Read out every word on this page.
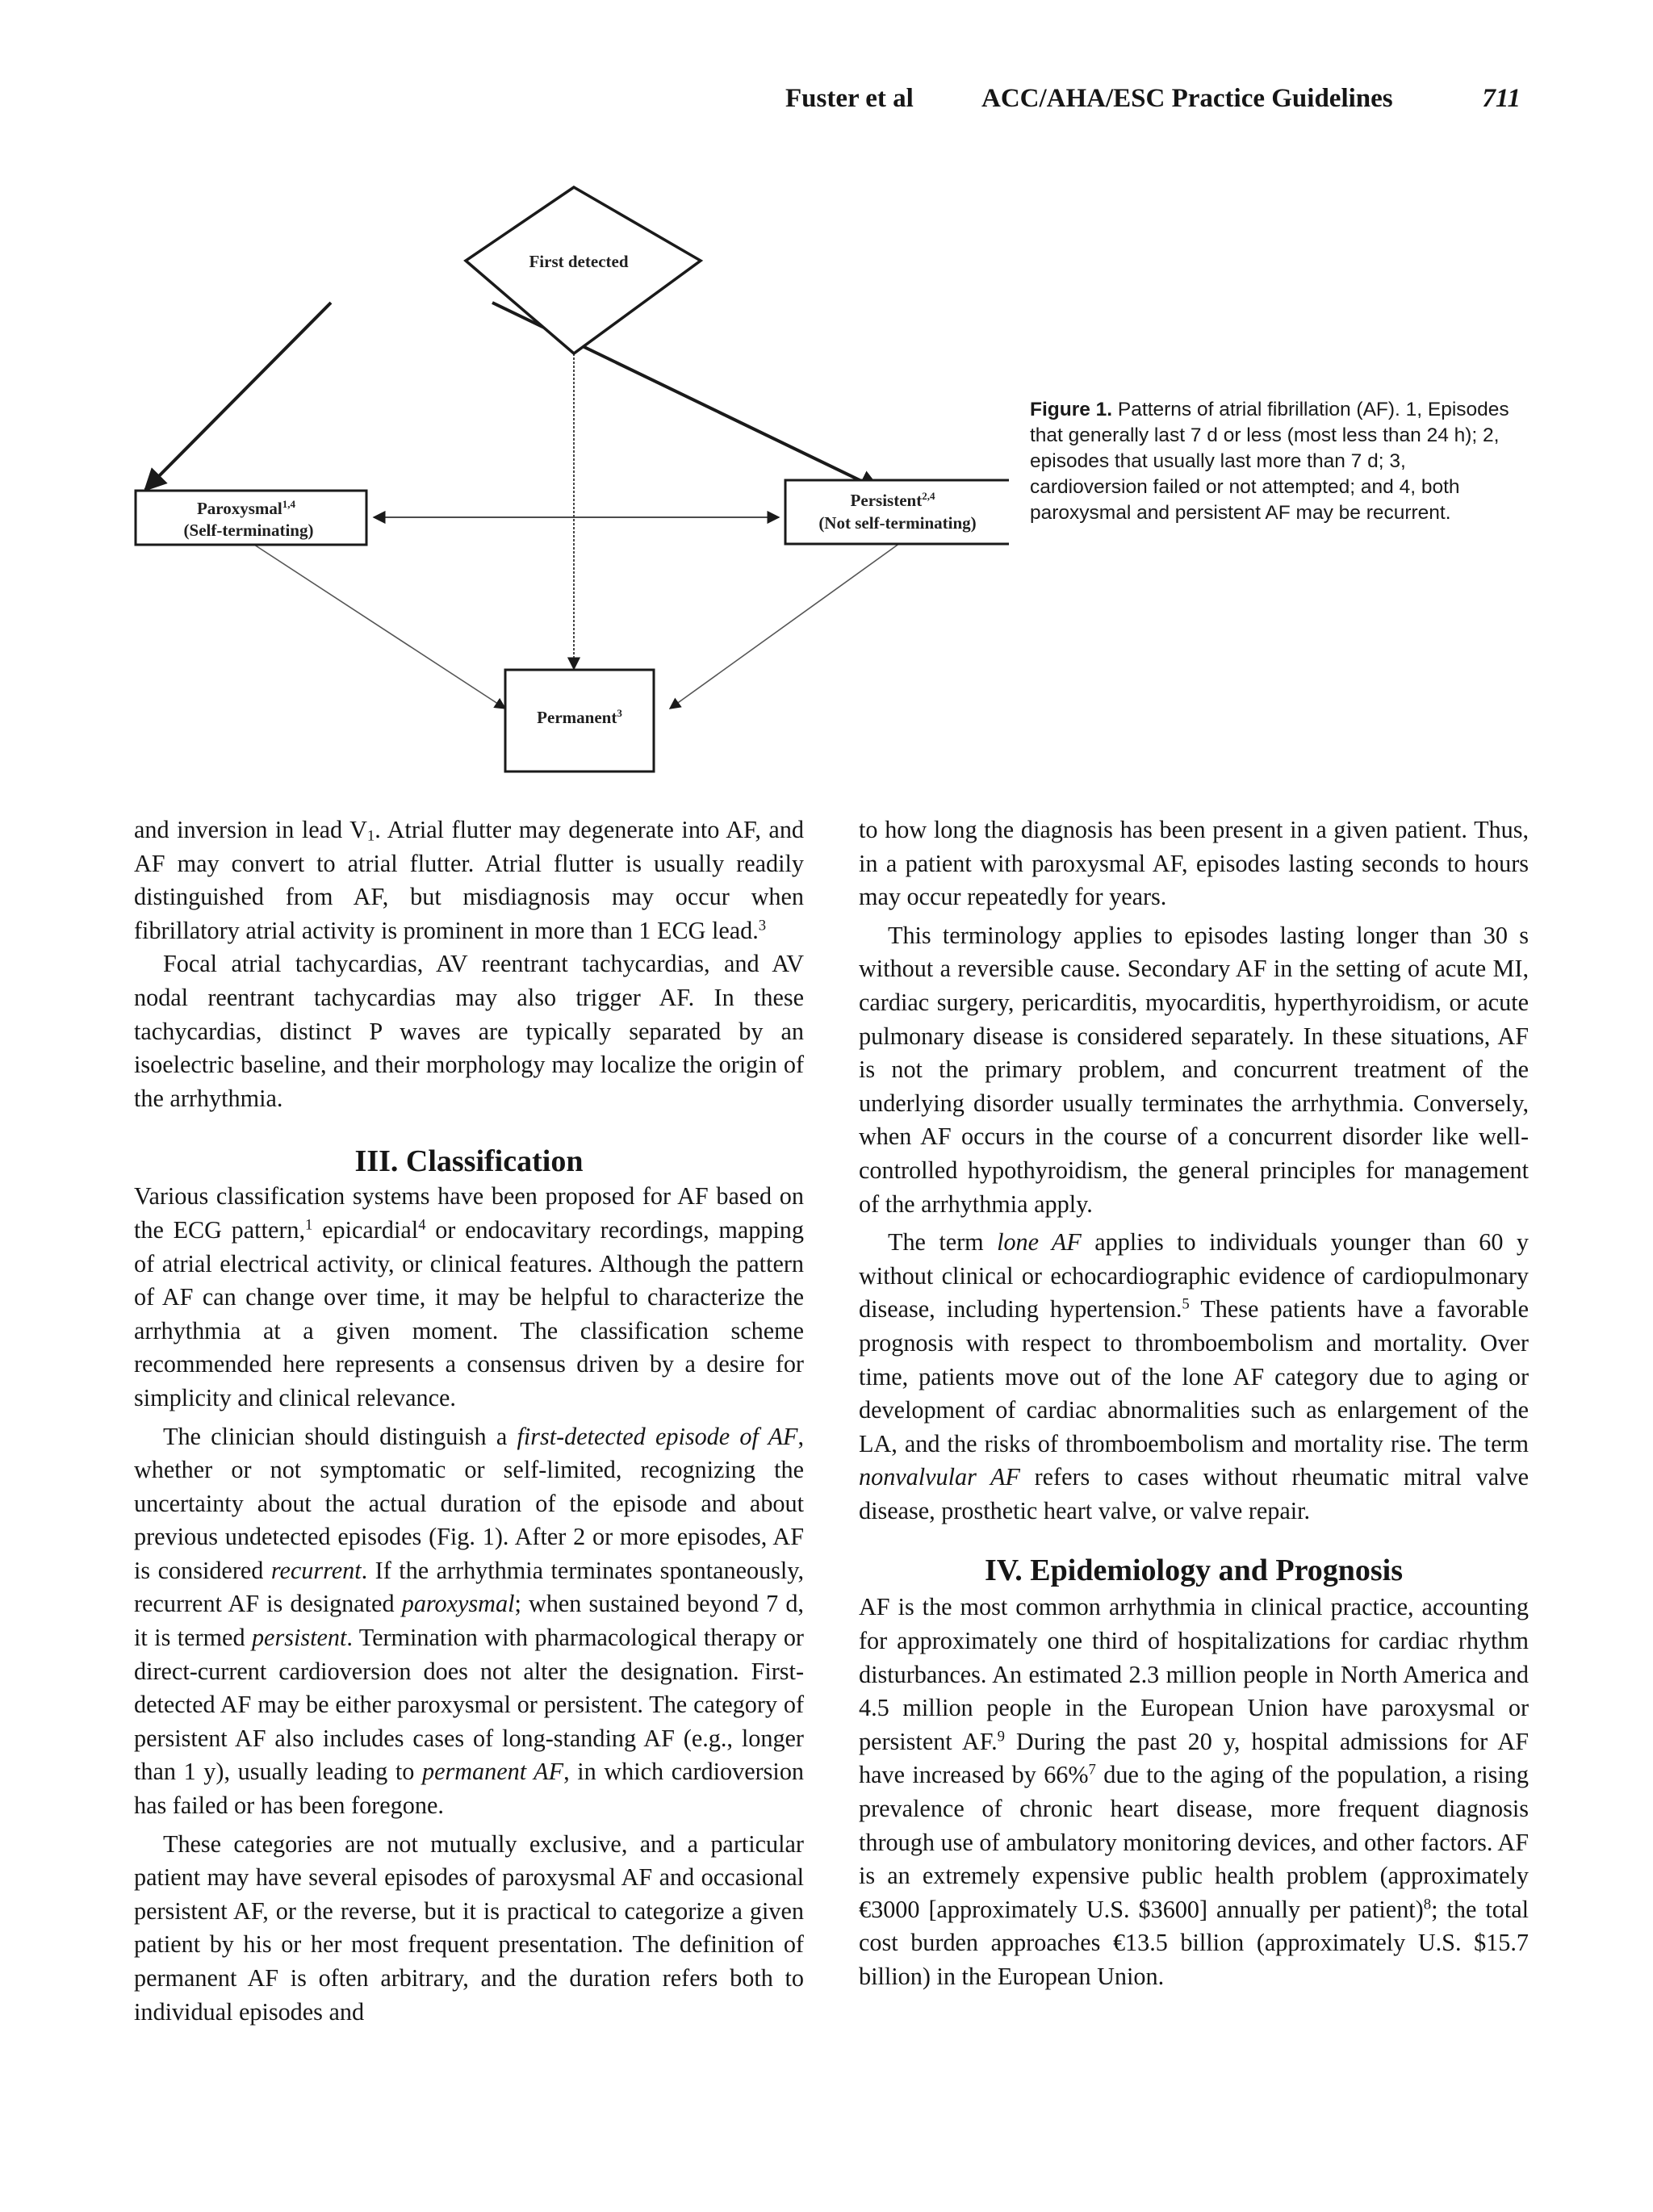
Fuster et al	ACC/AHA/ESC Practice Guidelines	711
First detected
Paroxysmal$^{1,4}$
(Self-terminating)
Persistent$^{2,4}$
(Not self-terminating)
Permanent$^3$
Figure 1. Patterns of atrial fibrillation (AF). 1, Episodes that generally last 7 d or less (most less than 24 h); 2, episodes that usually last more than 7 d; 3, cardioversion failed or not attempted; and 4, both paroxysmal and persistent AF may be recurrent.

and inversion in lead $V_1$. Atrial flutter may degenerate into AF, and AF may convert to atrial flutter. Atrial flutter is usually readily distinguished from AF, but misdiagnosis may occur when fibrillatory atrial activity is prominent in more than 1 ECG lead.$^3$

Focal atrial tachycardias, AV reentrant tachycardias, and AV nodal reentrant tachycardias may also trigger AF. In these tachycardias, distinct P waves are typically separated by an isoelectric baseline, and their morphology may localize the origin of the arrhythmia.

III. Classification

Various classification systems have been proposed for AF based on the ECG pattern,$^1$ epicardial$^4$ or endocavitary recordings, mapping of atrial electrical activity, or clinical features. Although the pattern of AF can change over time, it may be helpful to characterize the arrhythmia at a given moment. The classification scheme recommended here represents a consensus driven by a desire for simplicity and clinical relevance.

The clinician should distinguish a first-detected episode of AF, whether or not symptomatic or self-limited, recognizing the uncertainty about the actual duration of the episode and about previous undetected episodes (Fig. 1). After 2 or more episodes, AF is considered recurrent. If the arrhythmia terminates spontaneously, recurrent AF is designated paroxysmal; when sustained beyond 7 d, it is termed persistent. Termination with pharmacological therapy or direct-current cardioversion does not alter the designation. First-detected AF may be either paroxysmal or persistent. The category of persistent AF also includes cases of long-standing AF (e.g., longer than 1 y), usually leading to permanent AF, in which cardioversion has failed or has been foregone.

These categories are not mutually exclusive, and a particular patient may have several episodes of paroxysmal AF and occasional persistent AF, or the reverse, but it is practical to categorize a given patient by his or her most frequent presentation. The definition of permanent AF is often arbitrary, and the duration refers both to individual episodes and

to how long the diagnosis has been present in a given patient. Thus, in a patient with paroxysmal AF, episodes lasting seconds to hours may occur repeatedly for years.

This terminology applies to episodes lasting longer than 30 s without a reversible cause. Secondary AF in the setting of acute MI, cardiac surgery, pericarditis, myocarditis, hyperthyroidism, or acute pulmonary disease is considered separately. In these situations, AF is not the primary problem, and concurrent treatment of the underlying disorder usually terminates the arrhythmia. Conversely, when AF occurs in the course of a concurrent disorder like well-controlled hypothyroidism, the general principles for management of the arrhythmia apply.

The term lone AF applies to individuals younger than 60 y without clinical or echocardiographic evidence of cardiopulmonary disease, including hypertension.$^5$ These patients have a favorable prognosis with respect to thromboembolism and mortality. Over time, patients move out of the lone AF category due to aging or development of cardiac abnormalities such as enlargement of the LA, and the risks of thromboembolism and mortality rise. The term nonvalvular AF refers to cases without rheumatic mitral valve disease, prosthetic heart valve, or valve repair.

IV. Epidemiology and Prognosis

AF is the most common arrhythmia in clinical practice, accounting for approximately one third of hospitalizations for cardiac rhythm disturbances. An estimated 2.3 million people in North America and 4.5 million people in the European Union have paroxysmal or persistent AF.$^9$ During the past 20 y, hospital admissions for AF have increased by 66%$^7$ due to the aging of the population, a rising prevalence of chronic heart disease, more frequent diagnosis through use of ambulatory monitoring devices, and other factors. AF is an extremely expensive public health problem (approximately €3000 [approximately U.S. $3600] annually per patient)$^8$; the total cost burden approaches €13.5 billion (approximately U.S. $15.7 billion) in the European Union.
